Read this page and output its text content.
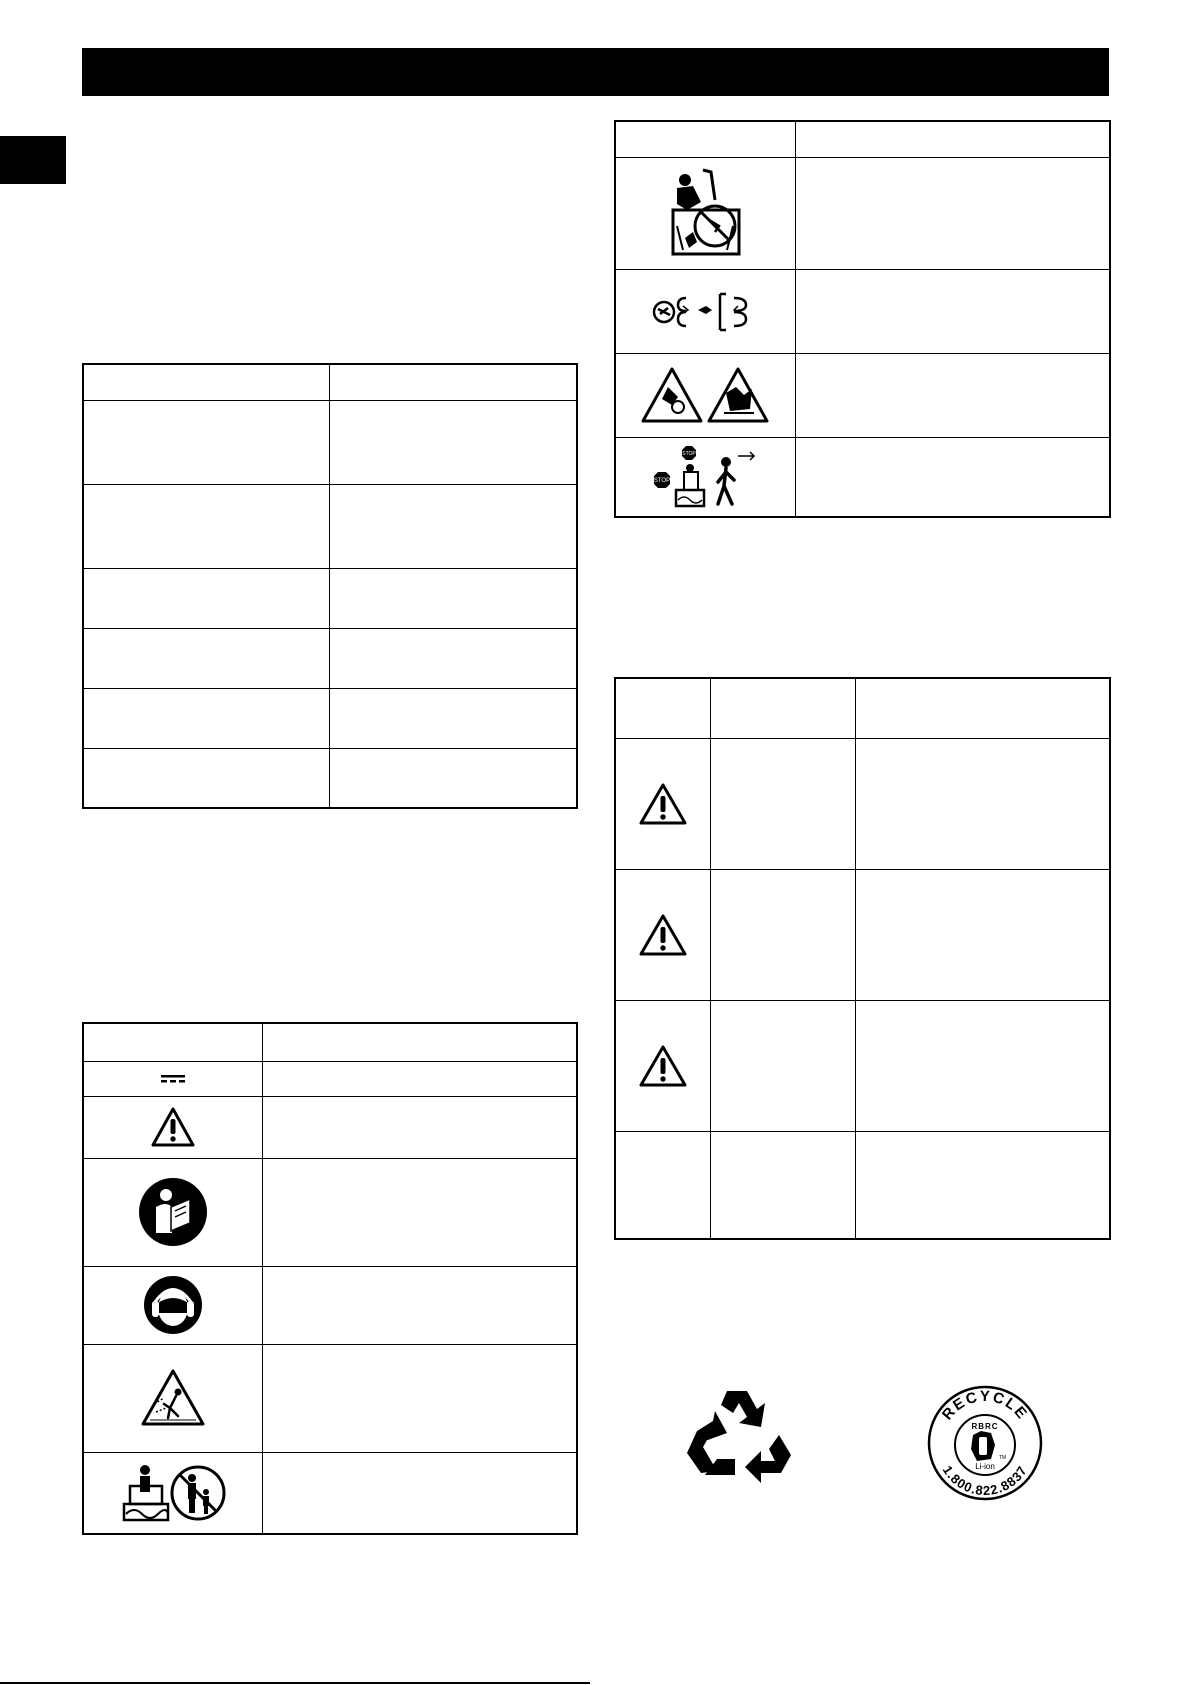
STOP
STOP	

RECYCLE
1.800.822.8837
RBRC
TM
Li-ion
